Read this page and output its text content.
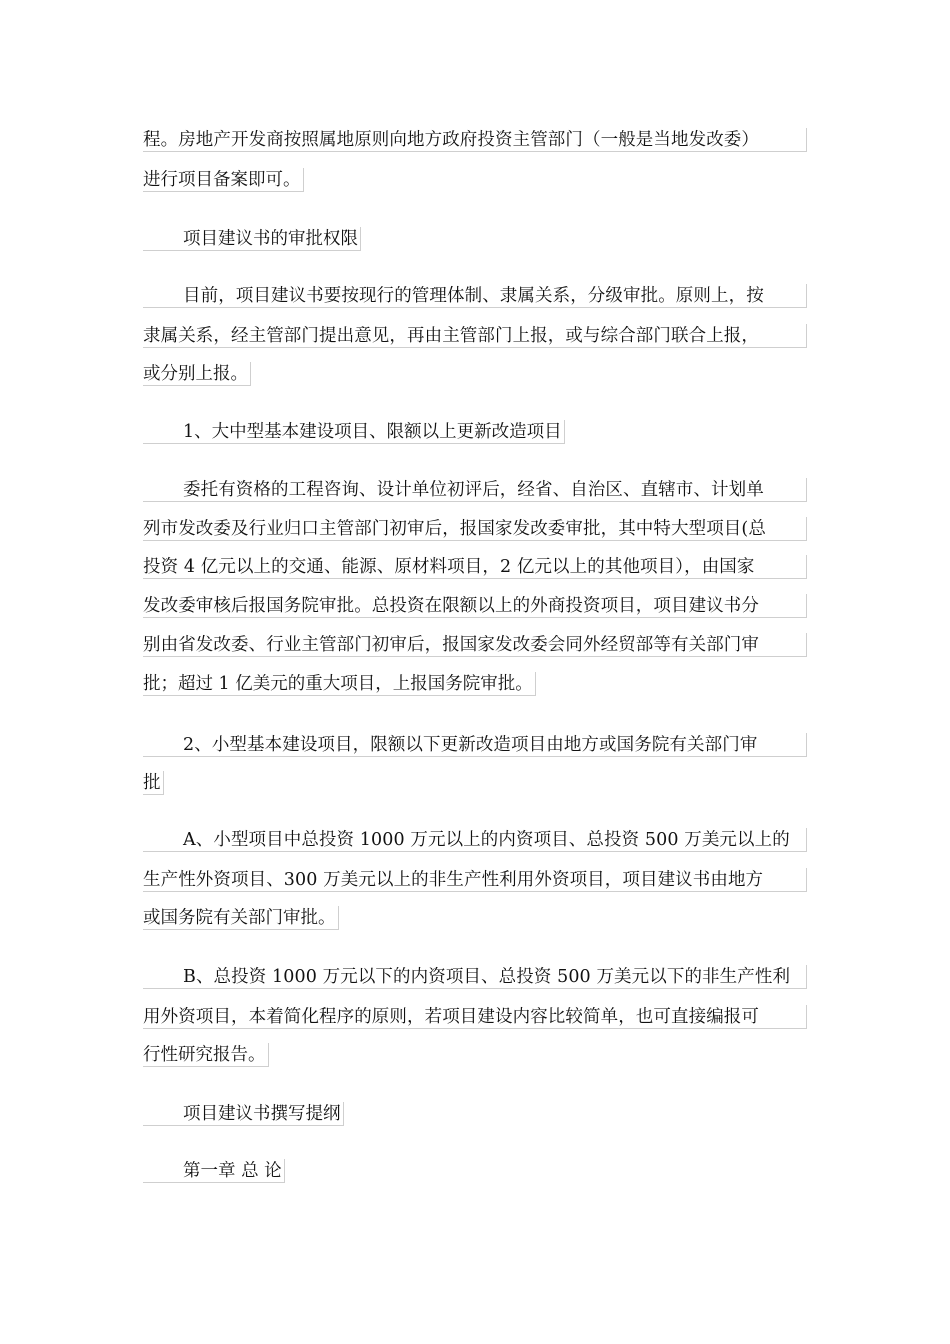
程。房地产开发商按照属地原则向地方政府投资主管部门（一般是当地发改委）
进行项目备案即可。
项目建议书的审批权限
目前，项目建议书要按现行的管理体制、隶属关系，分级审批。原则上，按
隶属关系，经主管部门提出意见，再由主管部门上报，或与综合部门联合上报，
或分别上报。
1、大中型基本建设项目、限额以上更新改造项目
委托有资格的工程咨询、设计单位初评后，经省、自治区、直辖市、计划单
列市发改委及行业归口主管部门初审后，报国家发改委审批，其中特大型项目(总
投资 4 亿元以上的交通、能源、原材料项目，2 亿元以上的其他项目），由国家
发改委审核后报国务院审批。总投资在限额以上的外商投资项目，项目建议书分
别由省发改委、行业主管部门初审后，报国家发改委会同外经贸部等有关部门审
批；超过 1 亿美元的重大项目，上报国务院审批。
2、小型基本建设项目，限额以下更新改造项目由地方或国务院有关部门审
批
A、小型项目中总投资 1000 万元以上的内资项目、总投资 500 万美元以上的
生产性外资项目、300 万美元以上的非生产性利用外资项目，项目建议书由地方
或国务院有关部门审批。
B、总投资 1000 万元以下的内资项目、总投资 500 万美元以下的非生产性利
用外资项目，本着简化程序的原则，若项目建设内容比较简单，也可直接编报可
行性研究报告。
项目建议书撰写提纲
第一章 总 论
